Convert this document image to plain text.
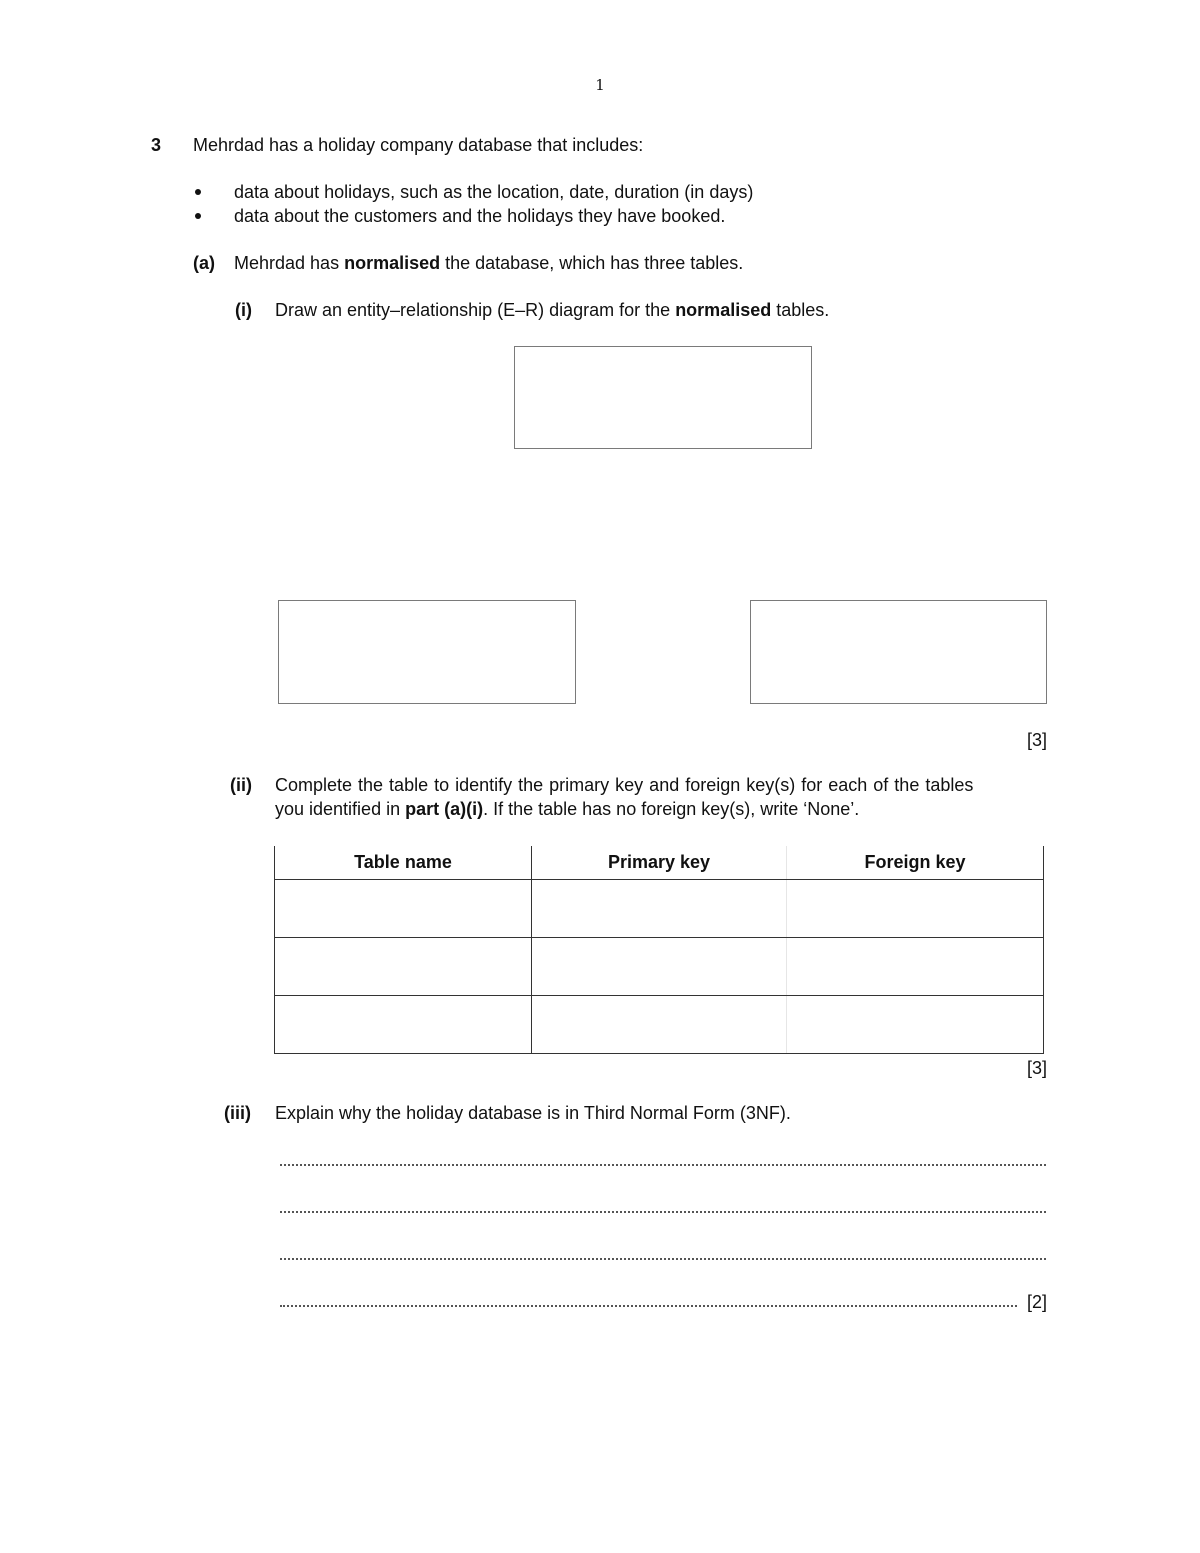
1
3 Mehrdad has a holiday company database that includes:
data about holidays, such as the location, date, duration (in days)
data about the customers and the holidays they have booked.
(a) Mehrdad has normalised the database, which has three tables.
(i) Draw an entity–relationship (E–R) diagram for the normalised tables.
[3]
(ii) Complete the table to identify the primary key and foreign key(s) for each of the tables
you identified in part (a)(i). If the table has no foreign key(s), write ‘None’.
Table name	Primary key	Foreign key

[3]
(iii) Explain why the holiday database is in Third Normal Form (3NF).
[2]
